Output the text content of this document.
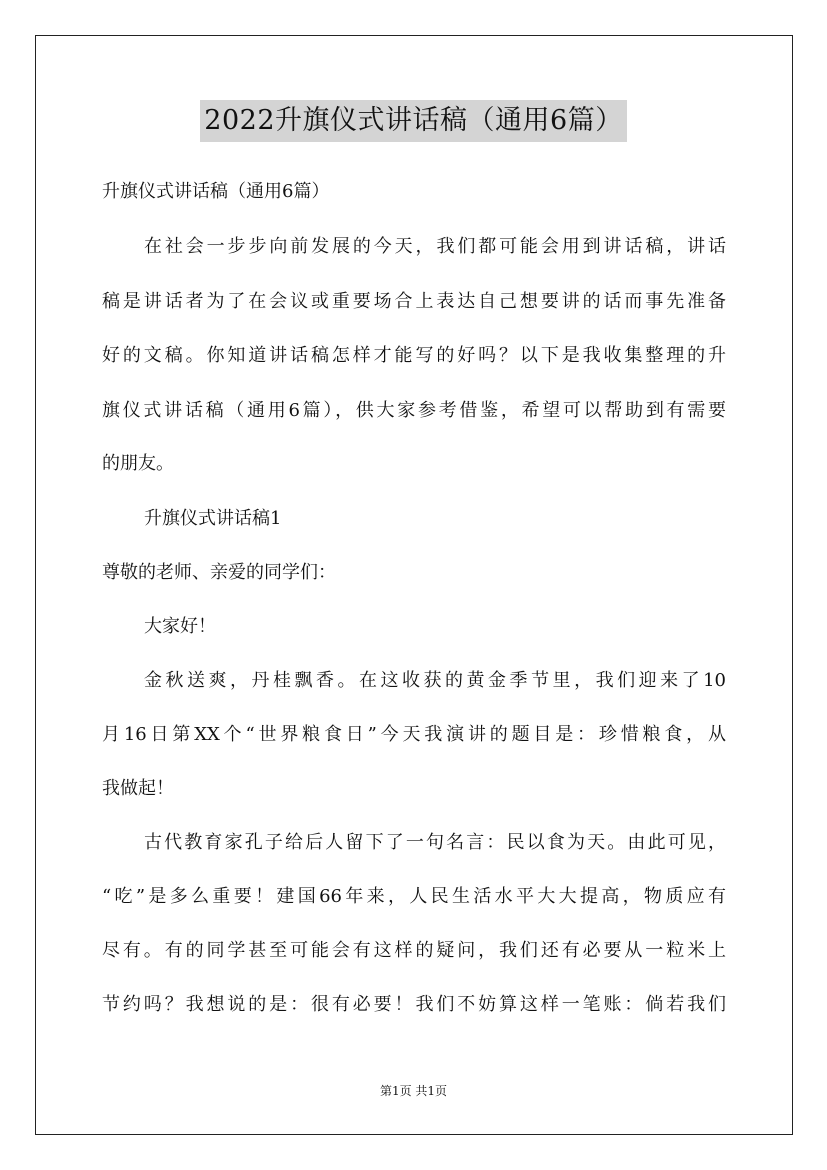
2022升旗仪式讲话稿（通用6篇）
升旗仪式讲话稿（通用6篇）
在社会一步步向前发展的今天，我们都可能会用到讲话稿，讲话
稿是讲话者为了在会议或重要场合上表达自己想要讲的话而事先准备
好的文稿。你知道讲话稿怎样才能写的好吗？以下是我收集整理的升
旗仪式讲话稿（通用6篇），供大家参考借鉴，希望可以帮助到有需要
的朋友。
升旗仪式讲话稿1
尊敬的老师、亲爱的同学们：
大家好！
金秋送爽，丹桂飘香。在这收获的黄金季节里，我们迎来了10
月16日第XX个“世界粮食日”今天我演讲的题目是：珍惜粮食，从
我做起！
古代教育家孔子给后人留下了一句名言：民以食为天。由此可见，
“吃”是多么重要！建国66年来，人民生活水平大大提高，物质应有
尽有。有的同学甚至可能会有这样的疑问，我们还有必要从一粒米上
节约吗？我想说的是：很有必要！我们不妨算这样一笔账：倘若我们
第1页 共1页
